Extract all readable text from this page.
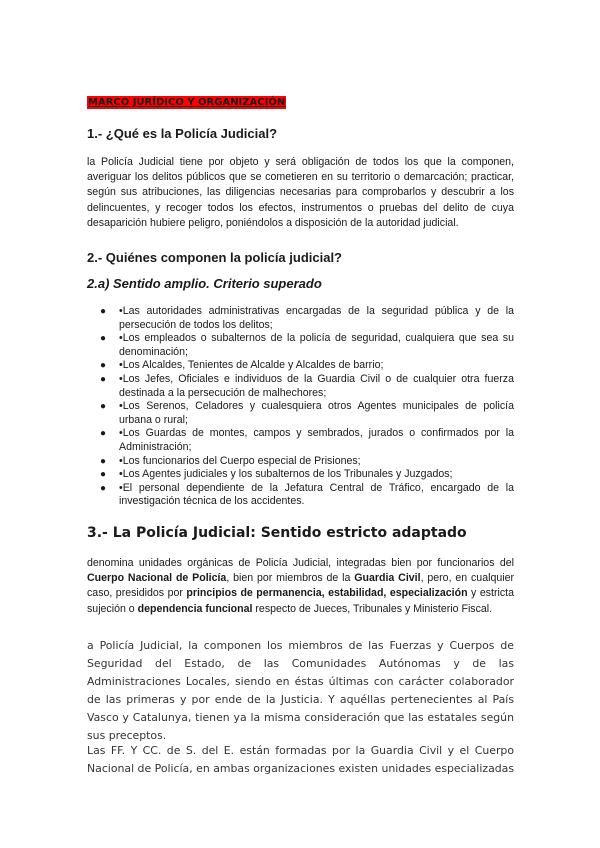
MARCO JURÍDICO Y ORGANIZACIÓN
1.- ¿Qué es la Policía Judicial?

la Policía Judicial tiene por objeto y será obligación de todos los que la componen, averiguar los delitos públicos que se cometieren en su territorio o demarcación; practicar, según sus atribuciones, las diligencias necesarias para comprobarlos y descubrir a los delincuentes, y recoger todos los efectos, instrumentos o pruebas del delito de cuya desaparición hubiere peligro, poniéndolos a disposición de la autoridad judicial.

2.- Quiénes componen la policía judicial?
2.a) Sentido amplio. Criterio superado
● •Las autoridades administrativas encargadas de la seguridad pública y de la persecución de todos los delitos;
● •Los empleados o subalternos de la policía de seguridad, cualquiera que sea su denominación;
● •Los Alcaldes, Tenientes de Alcalde y Alcaldes de barrio;
● •Los Jefes, Oficiales e individuos de la Guardia Civil o de cualquier otra fuerza destinada a la persecución de malhechores;
● •Los Serenos, Celadores y cualesquiera otros Agentes municipales de policía urbana o rural;
● •Los Guardas de montes, campos y sembrados, jurados o confirmados por la Administración;
● •Los funcionarios del Cuerpo especial de Prisiones;
● •Los Agentes judiciales y los subalternos de los Tribunales y Juzgados;
● •El personal dependiente de la Jefatura Central de Tráfico, encargado de la investigación técnica de los accidentes.
3.- La Policía Judicial: Sentido estricto adaptado

denomina unidades orgánicas de Policía Judicial, integradas bien por funcionarios del Cuerpo Nacional de Policía, bien por miembros de la Guardia Civil, pero, en cualquier caso, presididos por principios de permanencia, estabilidad, especialización y estricta sujeción o dependencia funcional respecto de Jueces, Tribunales y Ministerio Fiscal.

a Policía Judicial, la componen los miembros de las Fuerzas y Cuerpos de Seguridad del Estado, de las Comunidades Autónomas y de las Administraciones Locales, siendo en éstas últimas con carácter colaborador de las primeras y por ende de la Justicia. Y aquéllas pertenecientes al País Vasco y Catalunya, tienen ya la misma consideración que las estatales según sus preceptos.

Las FF. Y CC. de S. del E. están formadas por la Guardia Civil y el Cuerpo Nacional de Policía, en ambas organizaciones existen unidades especializadas
